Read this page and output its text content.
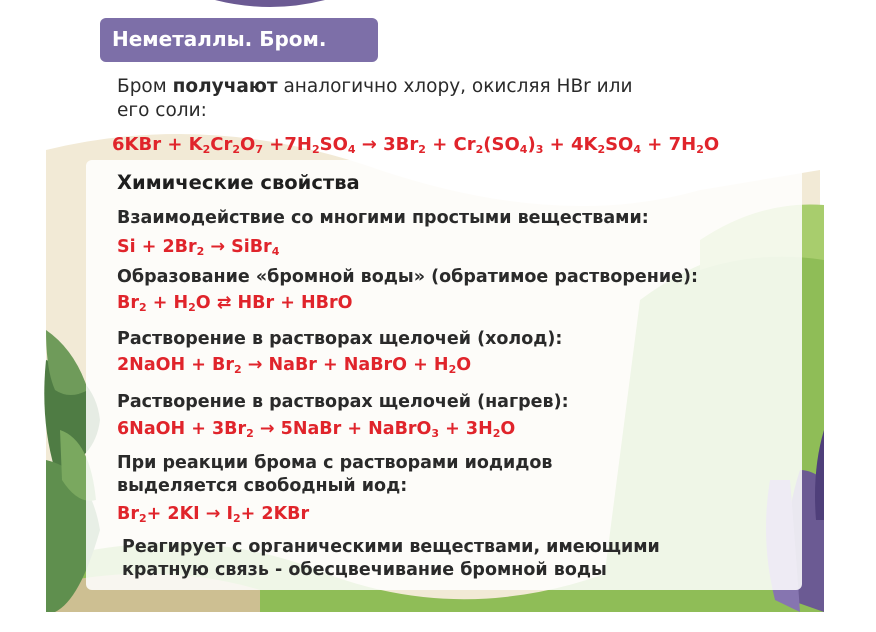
Неметаллы. Бром.
Бром получают аналогично хлору, окисляя HBr или
его соли:
$6KBr + K_2Cr_2O_7 +7H_2SO_4 \to 3Br_2 + Cr_2(SO_4)_3 + 4K_2SO_4 + 7H_2O$
Химические свойства
Взаимодействие со многими простыми веществами:
$Si + 2Br_2$ → SiBr$_4$
Образование «бромной воды» (обратимое растворение):
$Br_2 + H_2O$ ⇄ HBr + HBrO
Растворение в растворах щелочей (холод):
2NaOH + $Br_2$ → NaBr + NaBrO + $H_2O$
Растворение в растворах щелочей (нагрев):
6NaOH + $3Br_2$ → 5NaBr + NaBrO$_3$ + $3H_2O$
При реакции брома с растворами иодидов
выделяется свободный иод:
$Br_2+ 2KI \to I_2+ 2KBr$
Реагирует с органическими веществами, имеющими
кратную связь - обесцвечивание бромной воды
